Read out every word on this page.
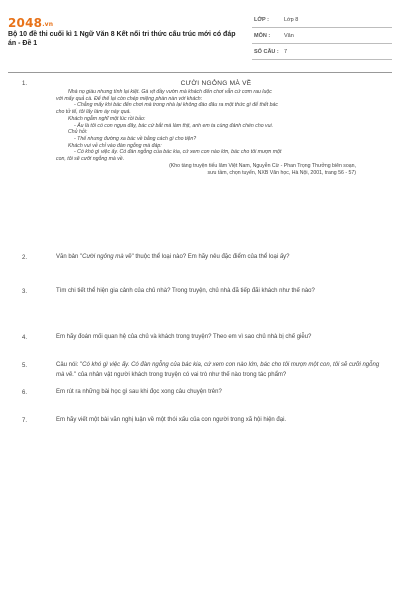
2048.vn
Bộ 10 đề thi cuối kì 1 Ngữ Văn 8 Kết nối tri thức cấu trúc mới có đáp án - Đề 1
LỚP :	Lớp 8
MÔN :	Văn
SỐ CÂU : 7
1.	CƯỜI NGỎNG MÀ VỀ
Nhà nọ giàu nhưng tính lại kiệt. Gà vịt đầy vườn mà khách đến chơi vẫn cứ cơm rau luộc
với mấy quả cà. Để thế lại còn chép miệng phàn nàn với khách:
- Chẳng mấy khi bác đến chơi mà trong nhà lại không đào đâu ra một thức gì để thết bác
cho tử tế, tôi lấy làm áy náy quá.
Khách ngẫm nghĩ một lúc rồi bảo:
- Âu là tôi có con ngựa đây, bác cứ bắt mà làm thịt, anh em ta cùng đánh chén cho vui.
Chủ hỏi:
- Thế nhưng đường xa bác về bằng cách gì cho tiện?
Khách vui vẻ chỉ vào đàn ngỗng mà đáp:
- Có khó gì việc ấy. Có đàn ngỗng của bác kia, cứ xem con nào lớn, bác cho tôi mượn một
con, tôi sẽ cưỡi ngỗng mà về.
(Kho tàng truyện tiếu lâm Việt Nam, Nguyễn Cừ - Phan Trọng Thưởng biên soạn,
sưu tầm, chọn tuyển, NXB Văn học, Hà Nội, 2001, trang 56 - 57)
2.	Văn bản "Cười ngỏng mà về" thuộc thể loại nào? Em hãy nêu đặc điểm của thể loại ấy?
3.	Tìm chi tiết thể hiện gia cảnh của chủ nhà? Trong truyện, chủ nhà đã tiếp đãi khách như thế nào?
4.	Em hãy đoán mối quan hệ của chủ và khách trong truyện? Theo em vì sao chủ nhà bị chế giễu?
5.	Câu nói: "Có khó gì việc ấy. Có đàn ngỗng của bác kia, cứ xem con nào lớn, bác cho tôi mượn một con, tôi sẽ cưỡi ngỗng mà về." của nhân vật người khách trong truyện có vai trò như thế nào trong tác phẩm?
6.	Em rút ra những bài học gì sau khi đọc xong câu chuyện trên?
7.	Em hãy viết một bài văn nghị luận về một thói xấu của con người trong xã hội hiện đại.
